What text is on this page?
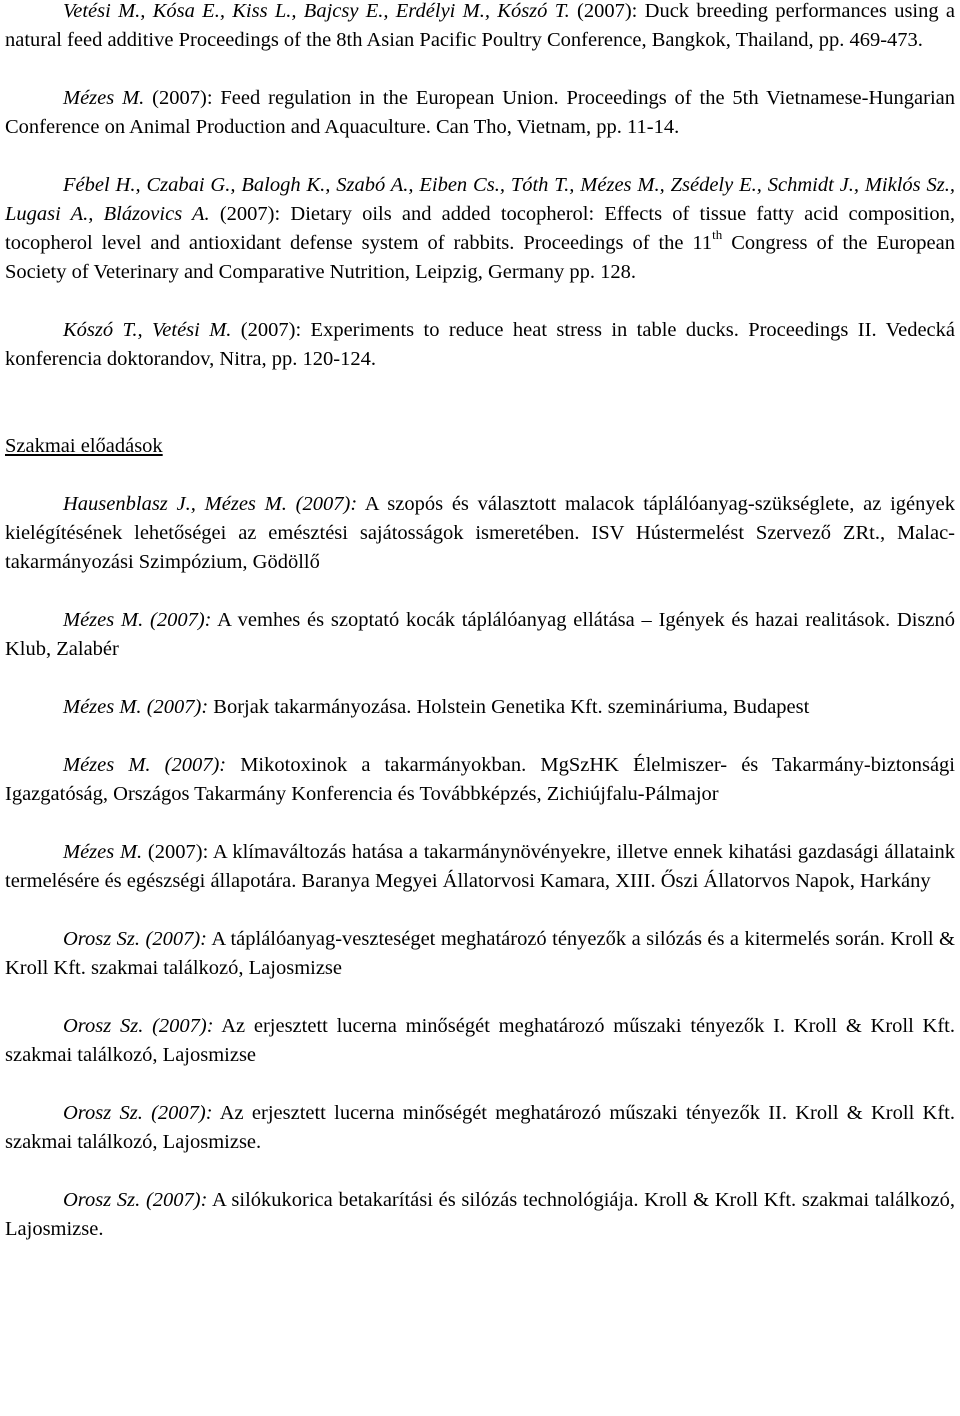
Vetési M., Kósa E., Kiss L., Bajcsy E., Erdélyi M., Kószó T. (2007): Duck breeding performances using a natural feed additive Proceedings of the 8th Asian Pacific Poultry Conference, Bangkok, Thailand, pp. 469-473.

Mézes M. (2007): Feed regulation in the European Union. Proceedings of the 5th Vietnamese-Hungarian Conference on Animal Production and Aquaculture. Can Tho, Vietnam, pp. 11-14.

Fébel H., Czabai G., Balogh K., Szabó A., Eiben Cs., Tóth T., Mézes M., Zsédely E., Schmidt J., Miklós Sz., Lugasi A., Blázovics A. (2007): Dietary oils and added tocopherol: Effects of tissue fatty acid composition, tocopherol level and antioxidant defense system of rabbits. Proceedings of the 11th Congress of the European Society of Veterinary and Comparative Nutrition, Leipzig, Germany pp. 128.

Kószó T., Vetési M. (2007): Experiments to reduce heat stress in table ducks. Proceedings II. Vedecká konferencia doktorandov, Nitra, pp. 120-124.

Szakmai előadások

Hausenblasz J., Mézes M. (2007): A szopós és választott malacok táplálóanyag-szükséglete, az igények kielégítésének lehetőségei az emésztési sajátosságok ismeretében. ISV Hústermelést Szervező ZRt., Malac-takarmányozási Szimpózium, Gödöllő

Mézes M. (2007): A vemhes és szoptató kocák táplálóanyag ellátása – Igények és hazai realitások. Disznó Klub, Zalabér

Mézes M. (2007): Borjak takarmányozása. Holstein Genetika Kft. szemináriuma, Budapest

Mézes M. (2007): Mikotoxinok a takarmányokban. MgSzHK Élelmiszer- és Takarmány-biztonsági Igazgatóság, Országos Takarmány Konferencia és Továbbképzés, Zichiújfalu-Pálmajor

Mézes M. (2007): A klímaváltozás hatása a takarmánynövényekre, illetve ennek kihatási gazdasági állataink termelésére és egészségi állapotára. Baranya Megyei Állatorvosi Kamara, XIII. Őszi Állatorvos Napok, Harkány

Orosz Sz. (2007): A táplálóanyag-veszteséget meghatározó tényezők a silózás és a kitermelés során. Kroll & Kroll Kft. szakmai találkozó, Lajosmizse

Orosz Sz. (2007): Az erjesztett lucerna minőségét meghatározó műszaki tényezők I. Kroll & Kroll Kft. szakmai találkozó, Lajosmizse

Orosz Sz. (2007): Az erjesztett lucerna minőségét meghatározó műszaki tényezők II. Kroll & Kroll Kft. szakmai találkozó, Lajosmizse.

Orosz Sz. (2007): A silókukorica betakarítási és silózás technológiája. Kroll & Kroll Kft. szakmai találkozó, Lajosmizse.
